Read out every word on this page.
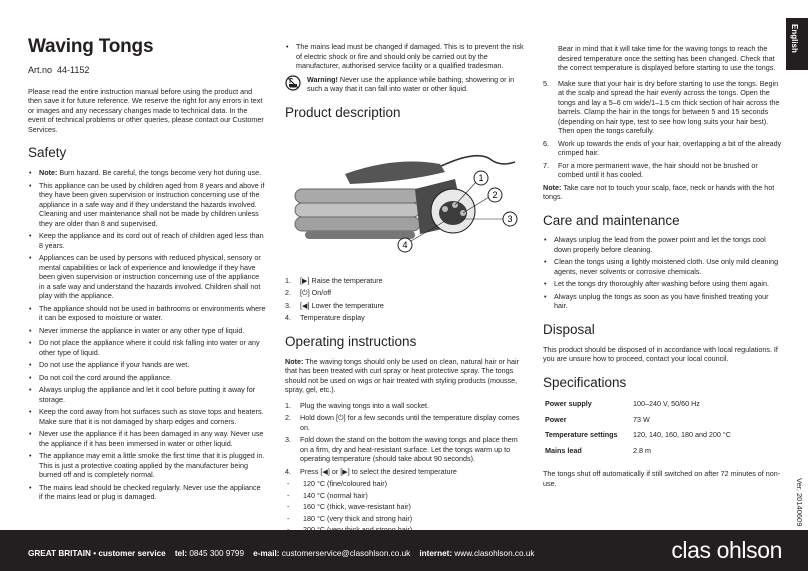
English
Waving Tongs
Art.no 44-1152

Please read the entire instruction manual before using the product and then save it for future reference. We reserve the right for any errors in text or images and any necessary changes made to technical data. In the event of technical problems or other queries, please contact our Customer Services.

Safety
• Note: Burn hazard. Be careful, the tongs become very hot during use.
• This appliance can be used by children aged from 8 years and above if they have been given supervision or instruction concerning use of the appliance in a safe way and if they understand the hazards involved. Cleaning and user maintenance shall not be made by children unless they are older than 8 and supervised.
• Keep the appliance and its cord out of reach of children aged less than 8 years.
• Appliances can be used by persons with reduced physical, sensory or mental capabilities or lack of experience and knowledge if they have been given supervision or instruction concerning use of the appliance in a safe way and understand the hazards involved. Children shall not play with the appliance.
• The appliance should not be used in bathrooms or environments where it can be exposed to moisture or water.
• Never immerse the appliance in water or any other type of liquid.
• Do not place the appliance where it could risk falling into water or any other type of liquid.
• Do not use the appliance if your hands are wet.
• Do not coil the cord around the appliance.
• Always unplug the appliance and let it cool before putting it away for storage.
• Keep the cord away from hot surfaces such as stove tops and heaters. Make sure that it is not damaged by sharp edges and corners.
• Never use the appliance if it has been damaged in any way. Never use the appliance if it has been immersed in water or other liquid.
• The appliance may emit a little smoke the first time that it is plugged in. This is just a protective coating applied by the manufacturer being burned off and is completely normal.
• The mains lead should be checked regularly. Never use the appliance if the mains lead or plug is damaged.
• The mains lead must be changed if damaged. This is to prevent the risk of electric shock or fire and should only be carried out by the manufacturer, authorised service facility or a qualified tradesman.
Warning! Never use the appliance while bathing, showering or in such a way that it can fall into water or other liquid.
Product description
1
2
3
4
1. [▶] Raise the temperature
2. [⏻] On/off
3. [◀] Lower the temperature
4. Temperature display
Operating instructions

Note: The waving tongs should only be used on clean, natural hair or hair that has been treated with curl spray or heat protective spray. The tongs should not be used on wigs or hair treated with styling products (mousse, spray, gel, etc.).

1. Plug the waving tongs into a wall socket.
2. Hold down [⏻] for a few seconds until the temperature display comes on.
3. Fold down the stand on the bottom the waving tongs and place them on a firm, dry and heat-resistant surface. Let the tongs warm up to operating temperature (should take about 90 seconds).
4. Press [◀] or [▶] to select the desired temperature
- 120 °C (fine/coloured hair)
- 140 °C (normal hair)
- 160 °C (thick, wave-resistant hair)
- 180 °C (very thick and strong hair)
-

Bear in mind that it will take time for the waving tongs to reach the desired temperature once the setting has been changed. Check that the correct temperature is displayed before starting to use the tongs.

5. Make sure that your hair is dry before starting to use the tongs. Begin at the scalp and spread the hair evenly across the tongs. Open the tongs and lay a 5–6 cm wide/1–1.5 cm thick section of hair across the barrels. Clamp the hair in the tongs for between 5 and 15 seconds (depending on hair type, test to see how long suits your hair best). Then open the tongs carefully.
6. Work up towards the ends of your hair, overlapping a bit of the already crimped hair.
7. For a more permanent wave, the hair should not be brushed or combed until it has cooled.

Note: Take care not to touch your scalp, face, neck or hands with the hot tongs.

Care and maintenance
• Always unplug the lead from the power point and let the tongs cool down properly before cleaning.
• Clean the tongs using a lightly moistened cloth. Use only mild cleaning agents, never solvents or corrosive chemicals.
• Let the tongs dry thoroughly after washing before using them again.
• Always unplug the tongs as soon as you have finished treating your hair.
Disposal

This product should be disposed of in accordance with local regulations. If you are unsure how to proceed, contact your local council.

Specifications
Power supply	100–240 V, 50/60 Hz
Power	73 W
Temperature settings	120, 140, 160, 180 and 200 °C
Mains lead	2.8 m

The tongs shut off automatically if still switched on after 72 minutes of non-use.	Ver. 20140609
GREAT BRITAIN • customer service tel: 0845 300 9799 e-mail: customerservice@clasohlson.co.uk internet: www.clasohlson.co.uk	clas ohlson
